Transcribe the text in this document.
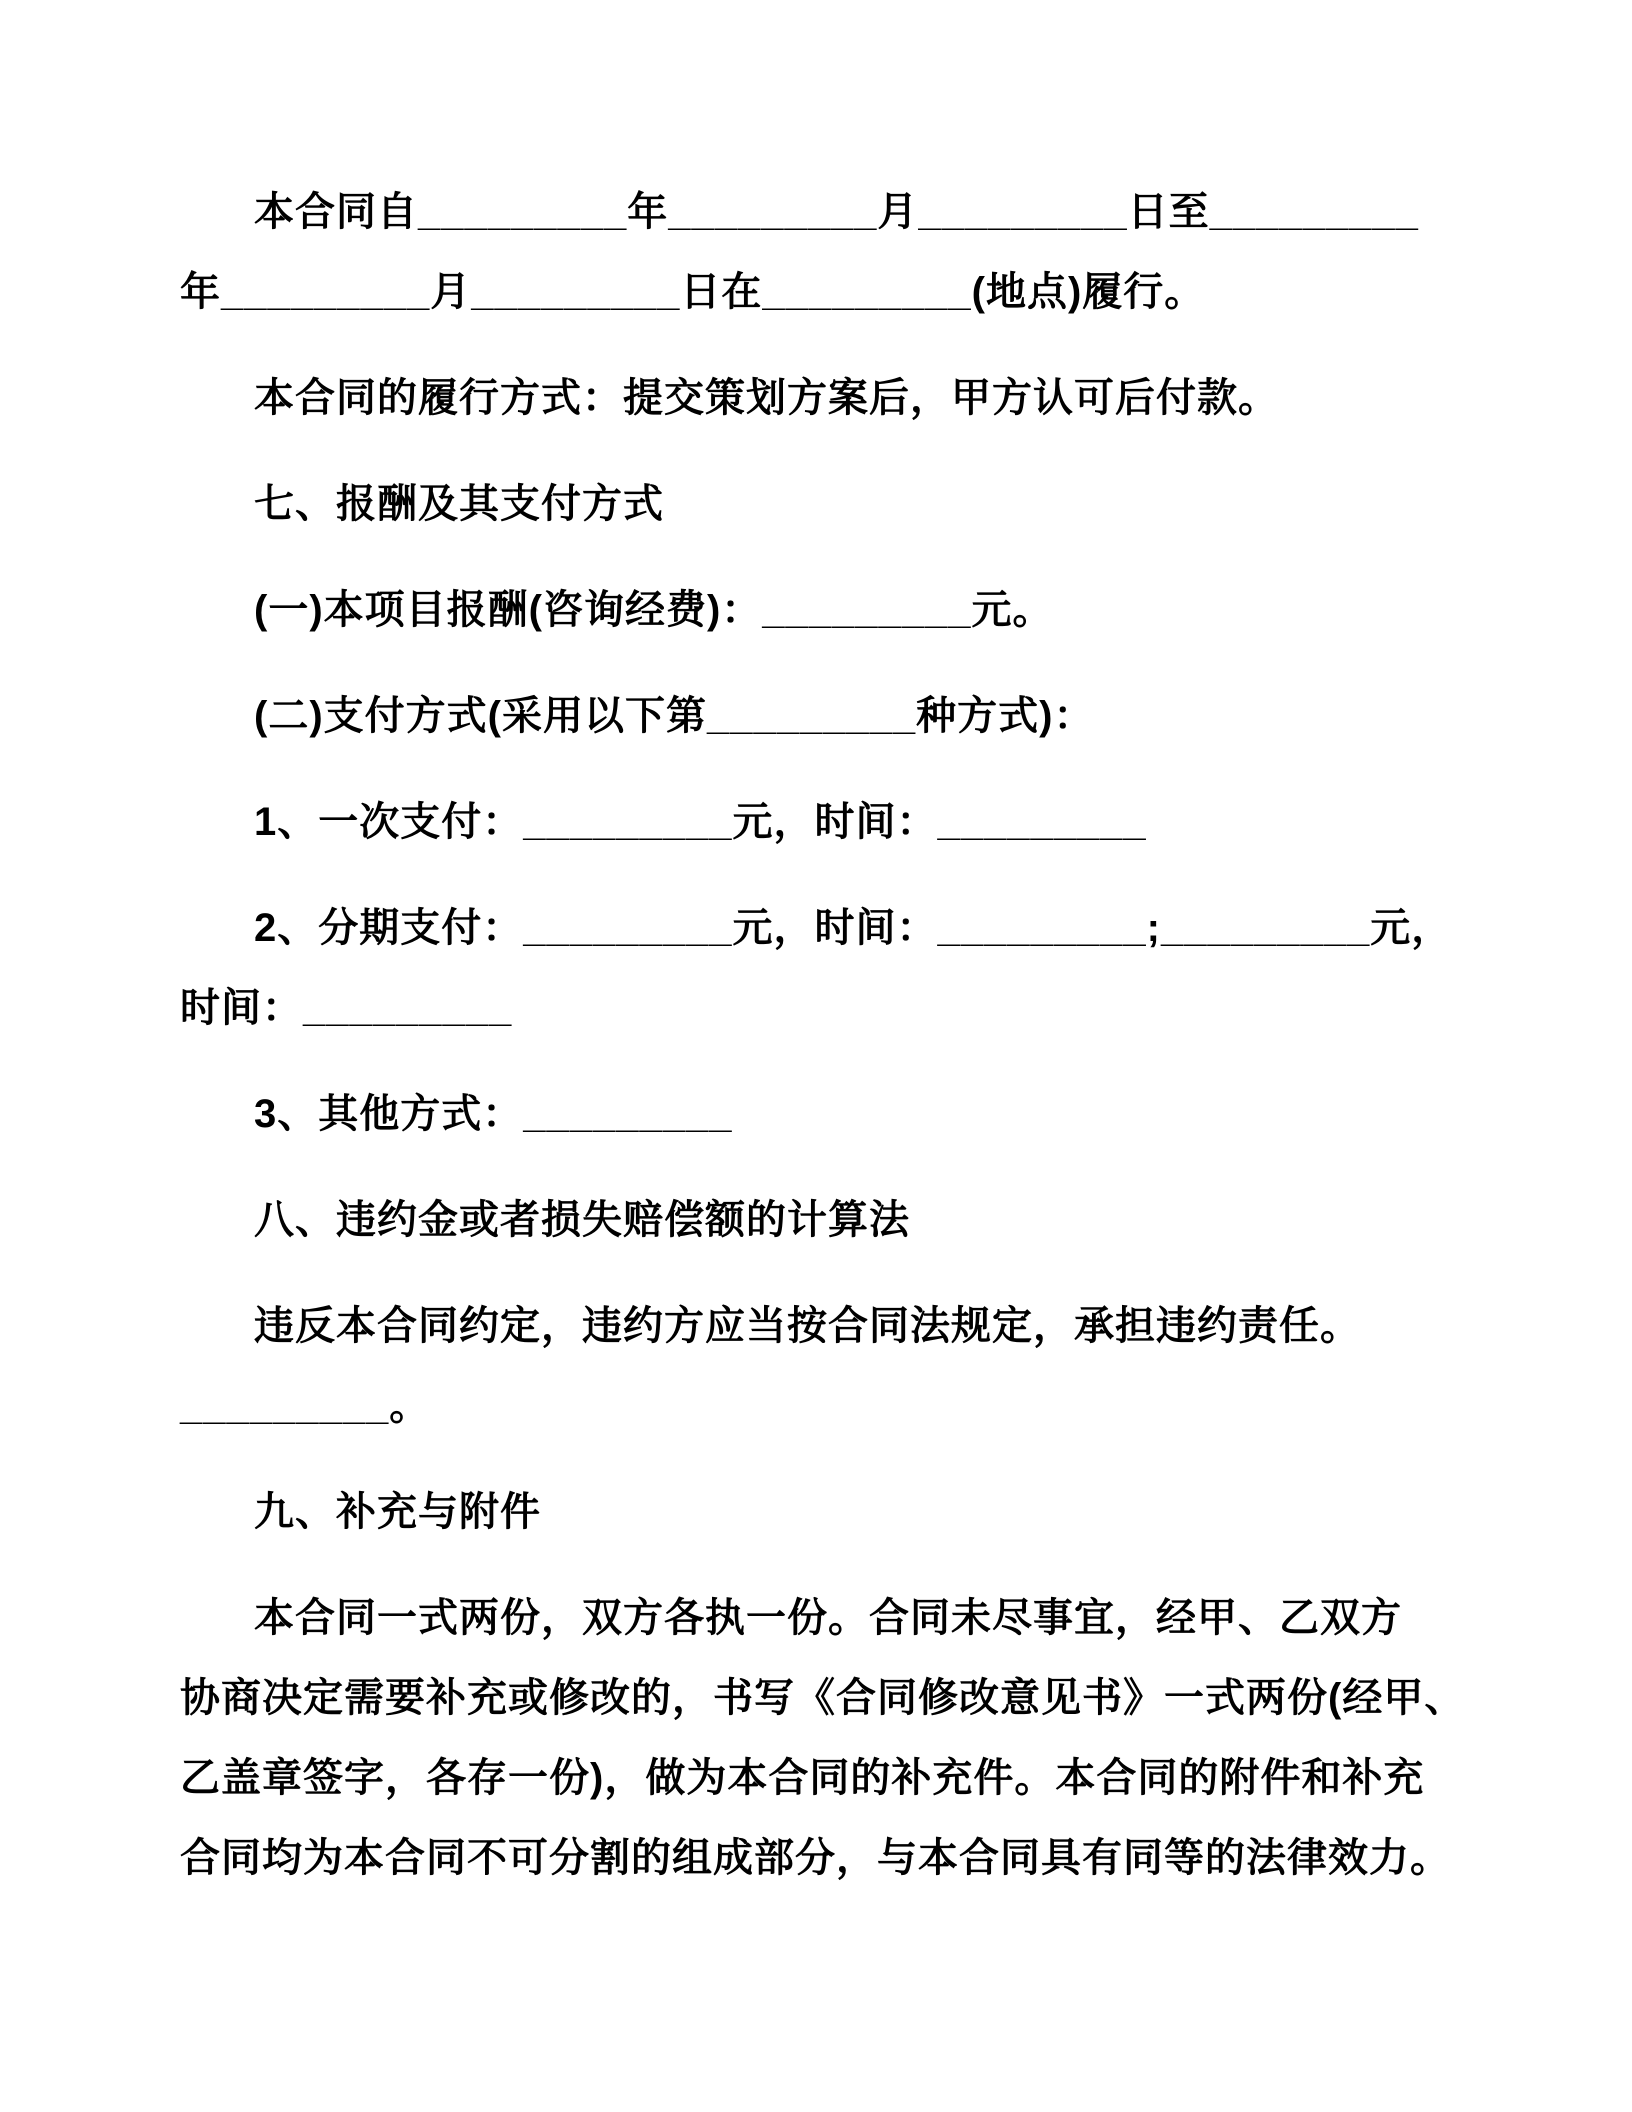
本合同自_________年_________月_________日至_________
年_________月_________日在_________(地点)履行。
本合同的履行方式：提交策划方案后，甲方认可后付款。
七、报酬及其支付方式
(一)本项目报酬(咨询经费)：_________元。
(二)支付方式(采用以下第_________种方式)：
1、一次支付：_________元，时间：_________
2、分期支付：_________元，时间：_________;_________元，
时间：_________
3、其他方式：_________
八、违约金或者损失赔偿额的计算法
违反本合同约定，违约方应当按合同法规定，承担违约责任。
_________。
九、补充与附件
本合同一式两份，双方各执一份。合同未尽事宜，经甲、乙双方
协商决定需要补充或修改的，书写《合同修改意见书》一式两份(经甲、
乙盖章签字，各存一份)，做为本合同的补充件。本合同的附件和补充
合同均为本合同不可分割的组成部分，与本合同具有同等的法律效力。
